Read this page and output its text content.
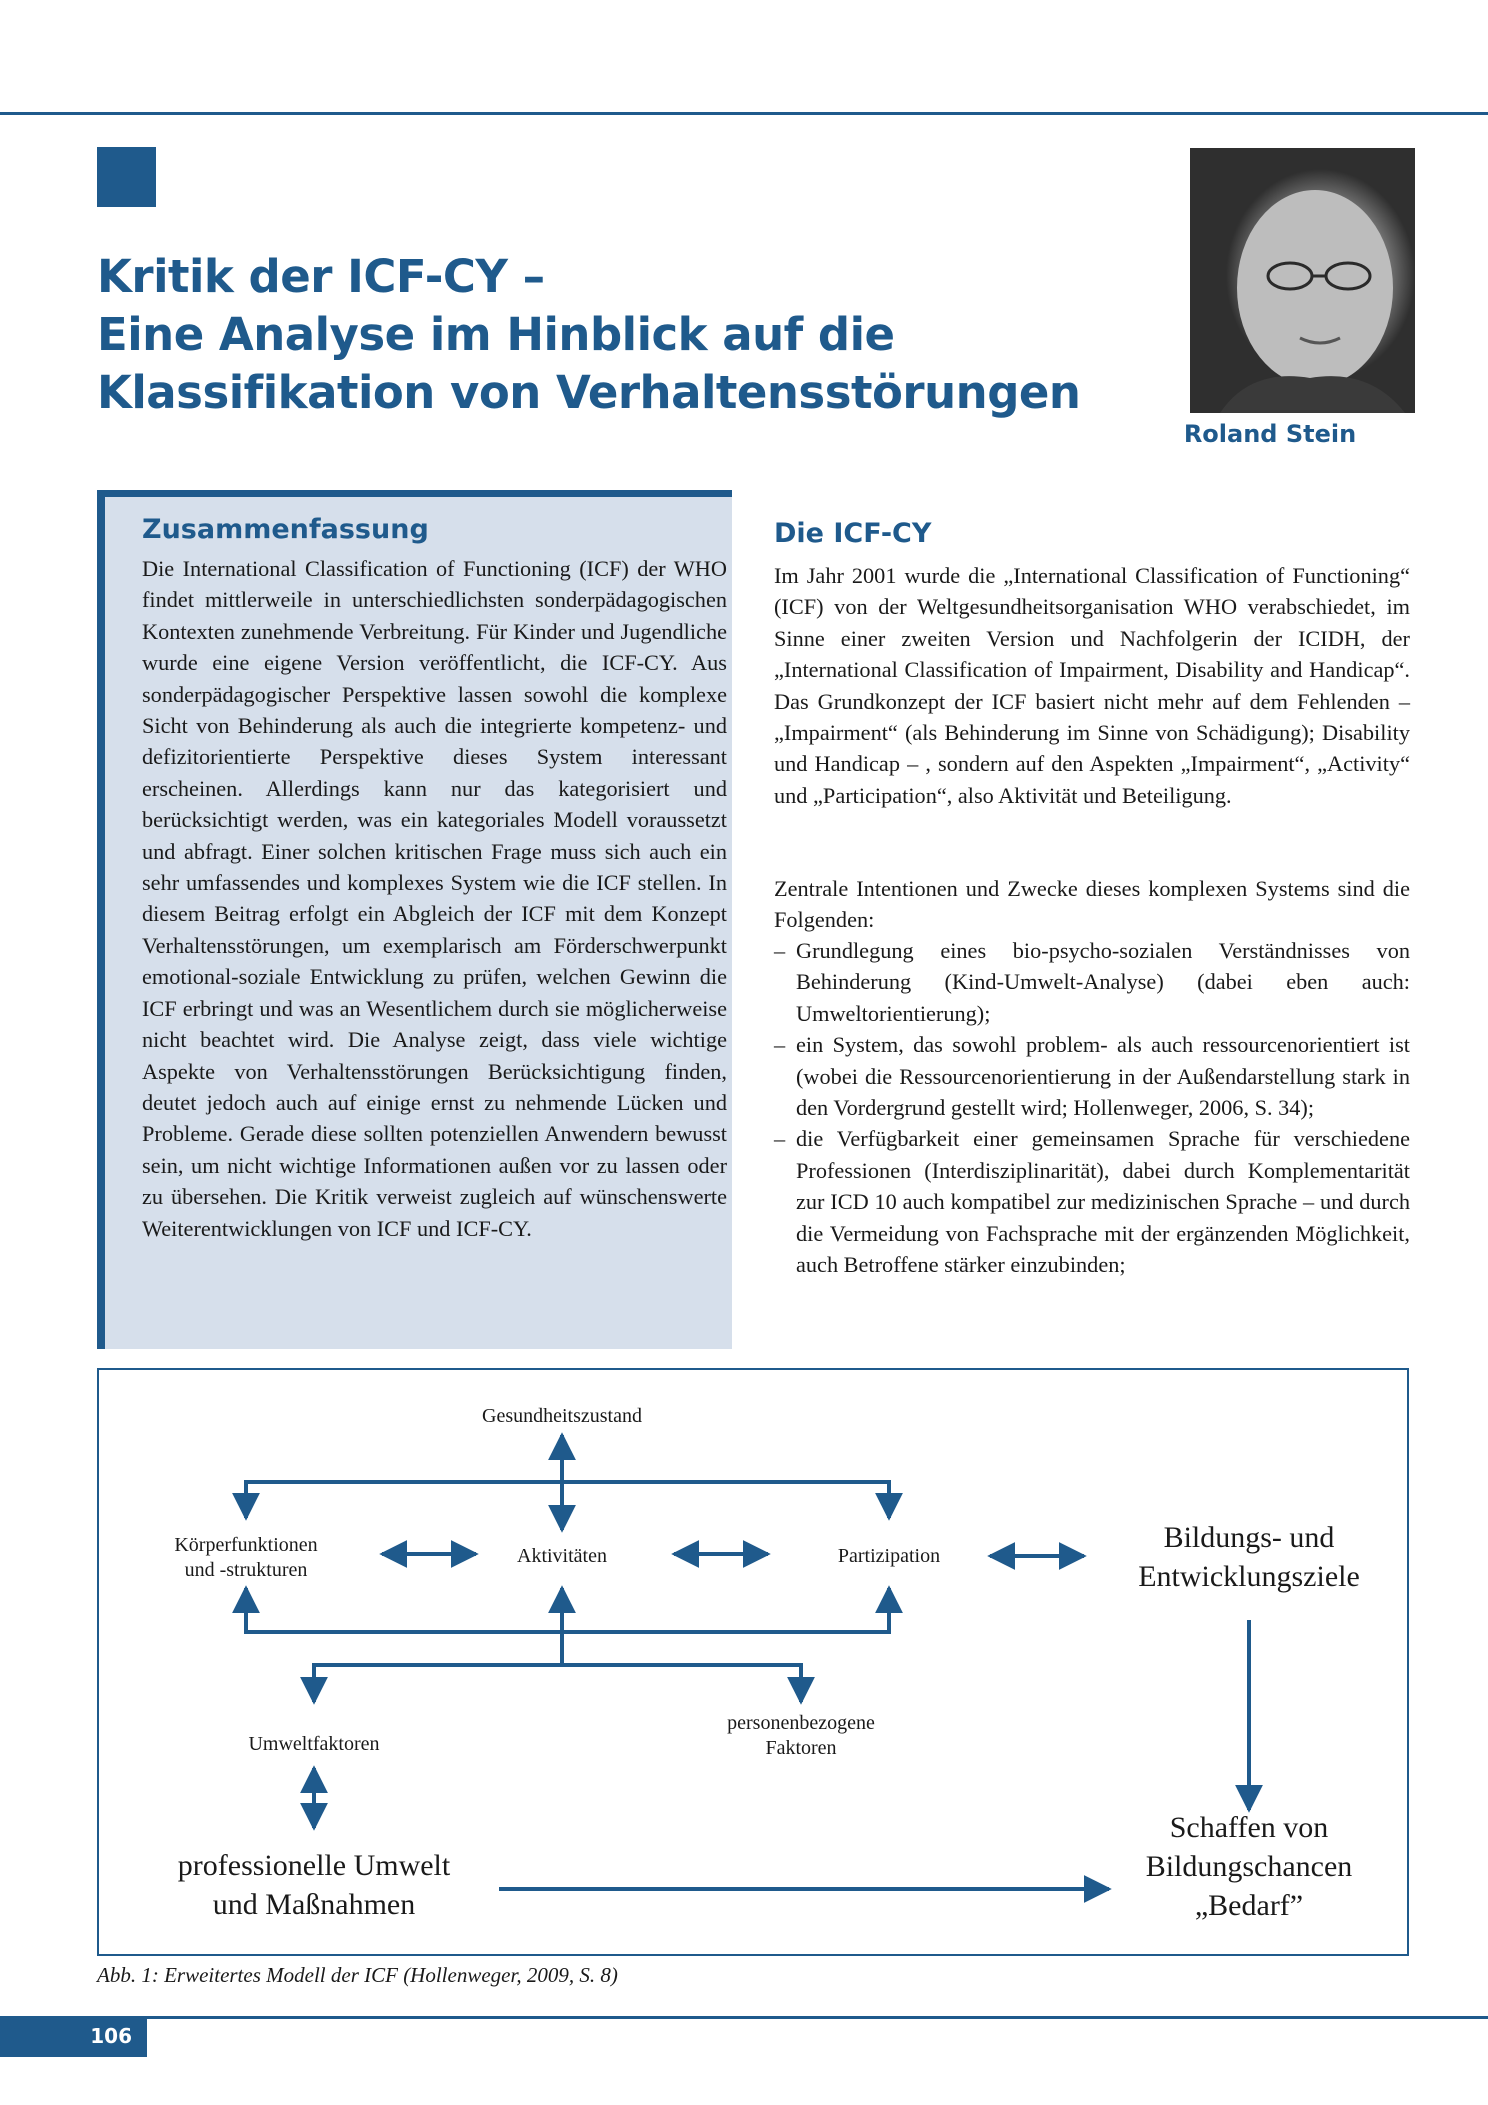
Kritik der ICF-CY –
Eine Analyse im Hinblick auf die
Klassifikation von Verhaltensstörungen
Roland Stein
Zusammenfassung
Die International Classification of Functioning (ICF) der WHO findet mittlerweile in unterschiedlichsten sonderpädagogischen Kontexten zunehmende Verbreitung. Für Kinder und Jugendliche wurde eine eigene Version veröffentlicht, die ICF-CY. Aus sonderpädagogischer Perspektive lassen sowohl die komplexe Sicht von Behinderung als auch die integrierte kompetenz- und defizitorientierte Perspektive dieses System interessant erscheinen. Allerdings kann nur das kategorisiert und berücksichtigt werden, was ein kategoriales Modell voraussetzt und abfragt. Einer solchen kritischen Frage muss sich auch ein sehr umfassendes und komplexes System wie die ICF stellen. In diesem Beitrag erfolgt ein Abgleich der ICF mit dem Konzept Verhaltensstörungen, um exemplarisch am Förderschwerpunkt emotional-soziale Entwicklung zu prüfen, welchen Gewinn die ICF erbringt und was an Wesentlichem durch sie möglicherweise nicht beachtet wird. Die Analyse zeigt, dass viele wichtige Aspekte von Verhaltensstörungen Berücksichtigung finden, deutet jedoch auch auf einige ernst zu nehmende Lücken und Probleme. Gerade diese sollten potenziellen Anwendern bewusst sein, um nicht wichtige Informationen außen vor zu lassen oder zu übersehen. Die Kritik verweist zugleich auf wünschenswerte Weiterentwicklungen von ICF und ICF-CY.
Die ICF-CY

Im Jahr 2001 wurde die „International Classification of Functioning“ (ICF) von der Weltgesundheitsorganisation WHO verabschiedet, im Sinne einer zweiten Version und Nachfolgerin der ICIDH, der „International Classification of Impairment, Disability and Handicap“. Das Grundkonzept der ICF basiert nicht mehr auf dem Fehlenden – „Impairment“ (als Behinderung im Sinne von Schädigung); Disability und Handicap – , sondern auf den Aspekten „Impairment“, „Activity“ und „Participation“, also Aktivität und Beteiligung.

Zentrale Intentionen und Zwecke dieses komplexen Systems sind die Folgenden:

– Grundlegung eines bio-psycho-sozialen Verständnisses von Behinderung (Kind-Umwelt-Analyse) (dabei eben auch: Umweltorientierung);
– ein System, das sowohl problem- als auch ressourcenorientiert ist (wobei die Ressourcenorientierung in der Außendarstellung stark in den Vordergrund gestellt wird; Hollenweger, 2006, S. 34);
– die Verfügbarkeit einer gemeinsamen Sprache für verschiedene Professionen (Interdisziplinarität), dabei durch Komplementarität zur ICD 10 auch kompatibel zur medizinischen Sprache – und durch die Vermeidung von Fachsprache mit der ergänzenden Möglichkeit, auch Betroffene stärker einzubinden;
Gesundheitszustand
Körperfunktionen
und -strukturen
Aktivitäten	Partizipation
Bildungs- und
Entwicklungsziele
Umweltfaktoren
personenbezogene
Faktoren
professionelle Umwelt
und Maßnahmen
Schaffen von
Bildungschancen
„Bedarf”
Abb. 1: Erweitertes Modell der ICF (Hollenweger, 2009, S. 8)
106
